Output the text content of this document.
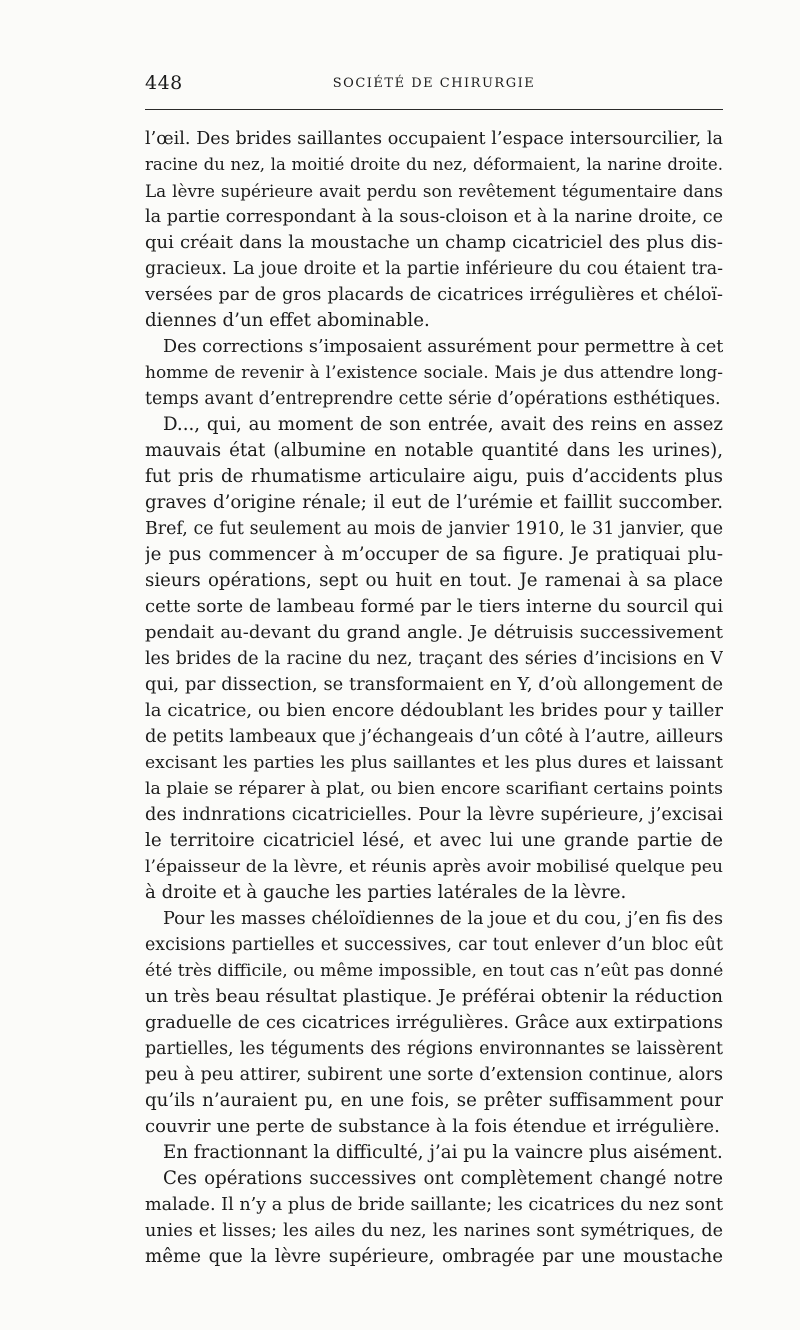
448	SOCIÉTÉ DE CHIRURGIE
l’œil. Des brides saillantes occupaient l’espace intersourcilier, la
racine du nez, la moitié droite du nez, déformaient, la narine droite.
La lèvre supérieure avait perdu son revêtement tégumentaire dans
la partie correspondant à la sous-cloison et à la narine droite, ce
qui créait dans la moustache un champ cicatriciel des plus dis-
gracieux. La joue droite et la partie inférieure du cou étaient tra-
versées par de gros placards de cicatrices irrégulières et chéloï-
diennes d’un effet abominable.
Des corrections s’imposaient assurément pour permettre à cet
homme de revenir à l’existence sociale. Mais je dus attendre long-
temps avant d’entreprendre cette série d’opérations esthétiques.
D..., qui, au moment de son entrée, avait des reins en assez
mauvais état (albumine en notable quantité dans les urines),
fut pris de rhumatisme articulaire aigu, puis d’accidents plus
graves d’origine rénale; il eut de l’urémie et faillit succomber.
Bref, ce fut seulement au mois de janvier 1910, le 31 janvier, que
je pus commencer à m’occuper de sa figure. Je pratiquai plu-
sieurs opérations, sept ou huit en tout. Je ramenai à sa place
cette sorte de lambeau formé par le tiers interne du sourcil qui
pendait au-devant du grand angle. Je détruisis successivement
les brides de la racine du nez, traçant des séries d’incisions en V
qui, par dissection, se transformaient en Y, d’où allongement de
la cicatrice, ou bien encore dédoublant les brides pour y tailler
de petits lambeaux que j’échangeais d’un côté à l’autre, ailleurs
excisant les parties les plus saillantes et les plus dures et laissant
la plaie se réparer à plat, ou bien encore scarifiant certains points
des indnrations cicatricielles. Pour la lèvre supérieure, j’excisai
le territoire cicatriciel lésé, et avec lui une grande partie de
l’épaisseur de la lèvre, et réunis après avoir mobilisé quelque peu
à droite et à gauche les parties latérales de la lèvre.
Pour les masses chéloïdiennes de la joue et du cou, j’en fis des
excisions partielles et successives, car tout enlever d’un bloc eût
été très difficile, ou même impossible, en tout cas n’eût pas donné
un très beau résultat plastique. Je préférai obtenir la réduction
graduelle de ces cicatrices irrégulières. Grâce aux extirpations
partielles, les téguments des régions environnantes se laissèrent
peu à peu attirer, subirent une sorte d’extension continue, alors
qu’ils n’auraient pu, en une fois, se prêter suffisamment pour
couvrir une perte de substance à la fois étendue et irrégulière.
En fractionnant la difficulté, j’ai pu la vaincre plus aisément.
Ces opérations successives ont complètement changé notre
malade. Il n’y a plus de bride saillante; les cicatrices du nez sont
unies et lisses; les ailes du nez, les narines sont symétriques, de
même que la lèvre supérieure, ombragée par une moustache
